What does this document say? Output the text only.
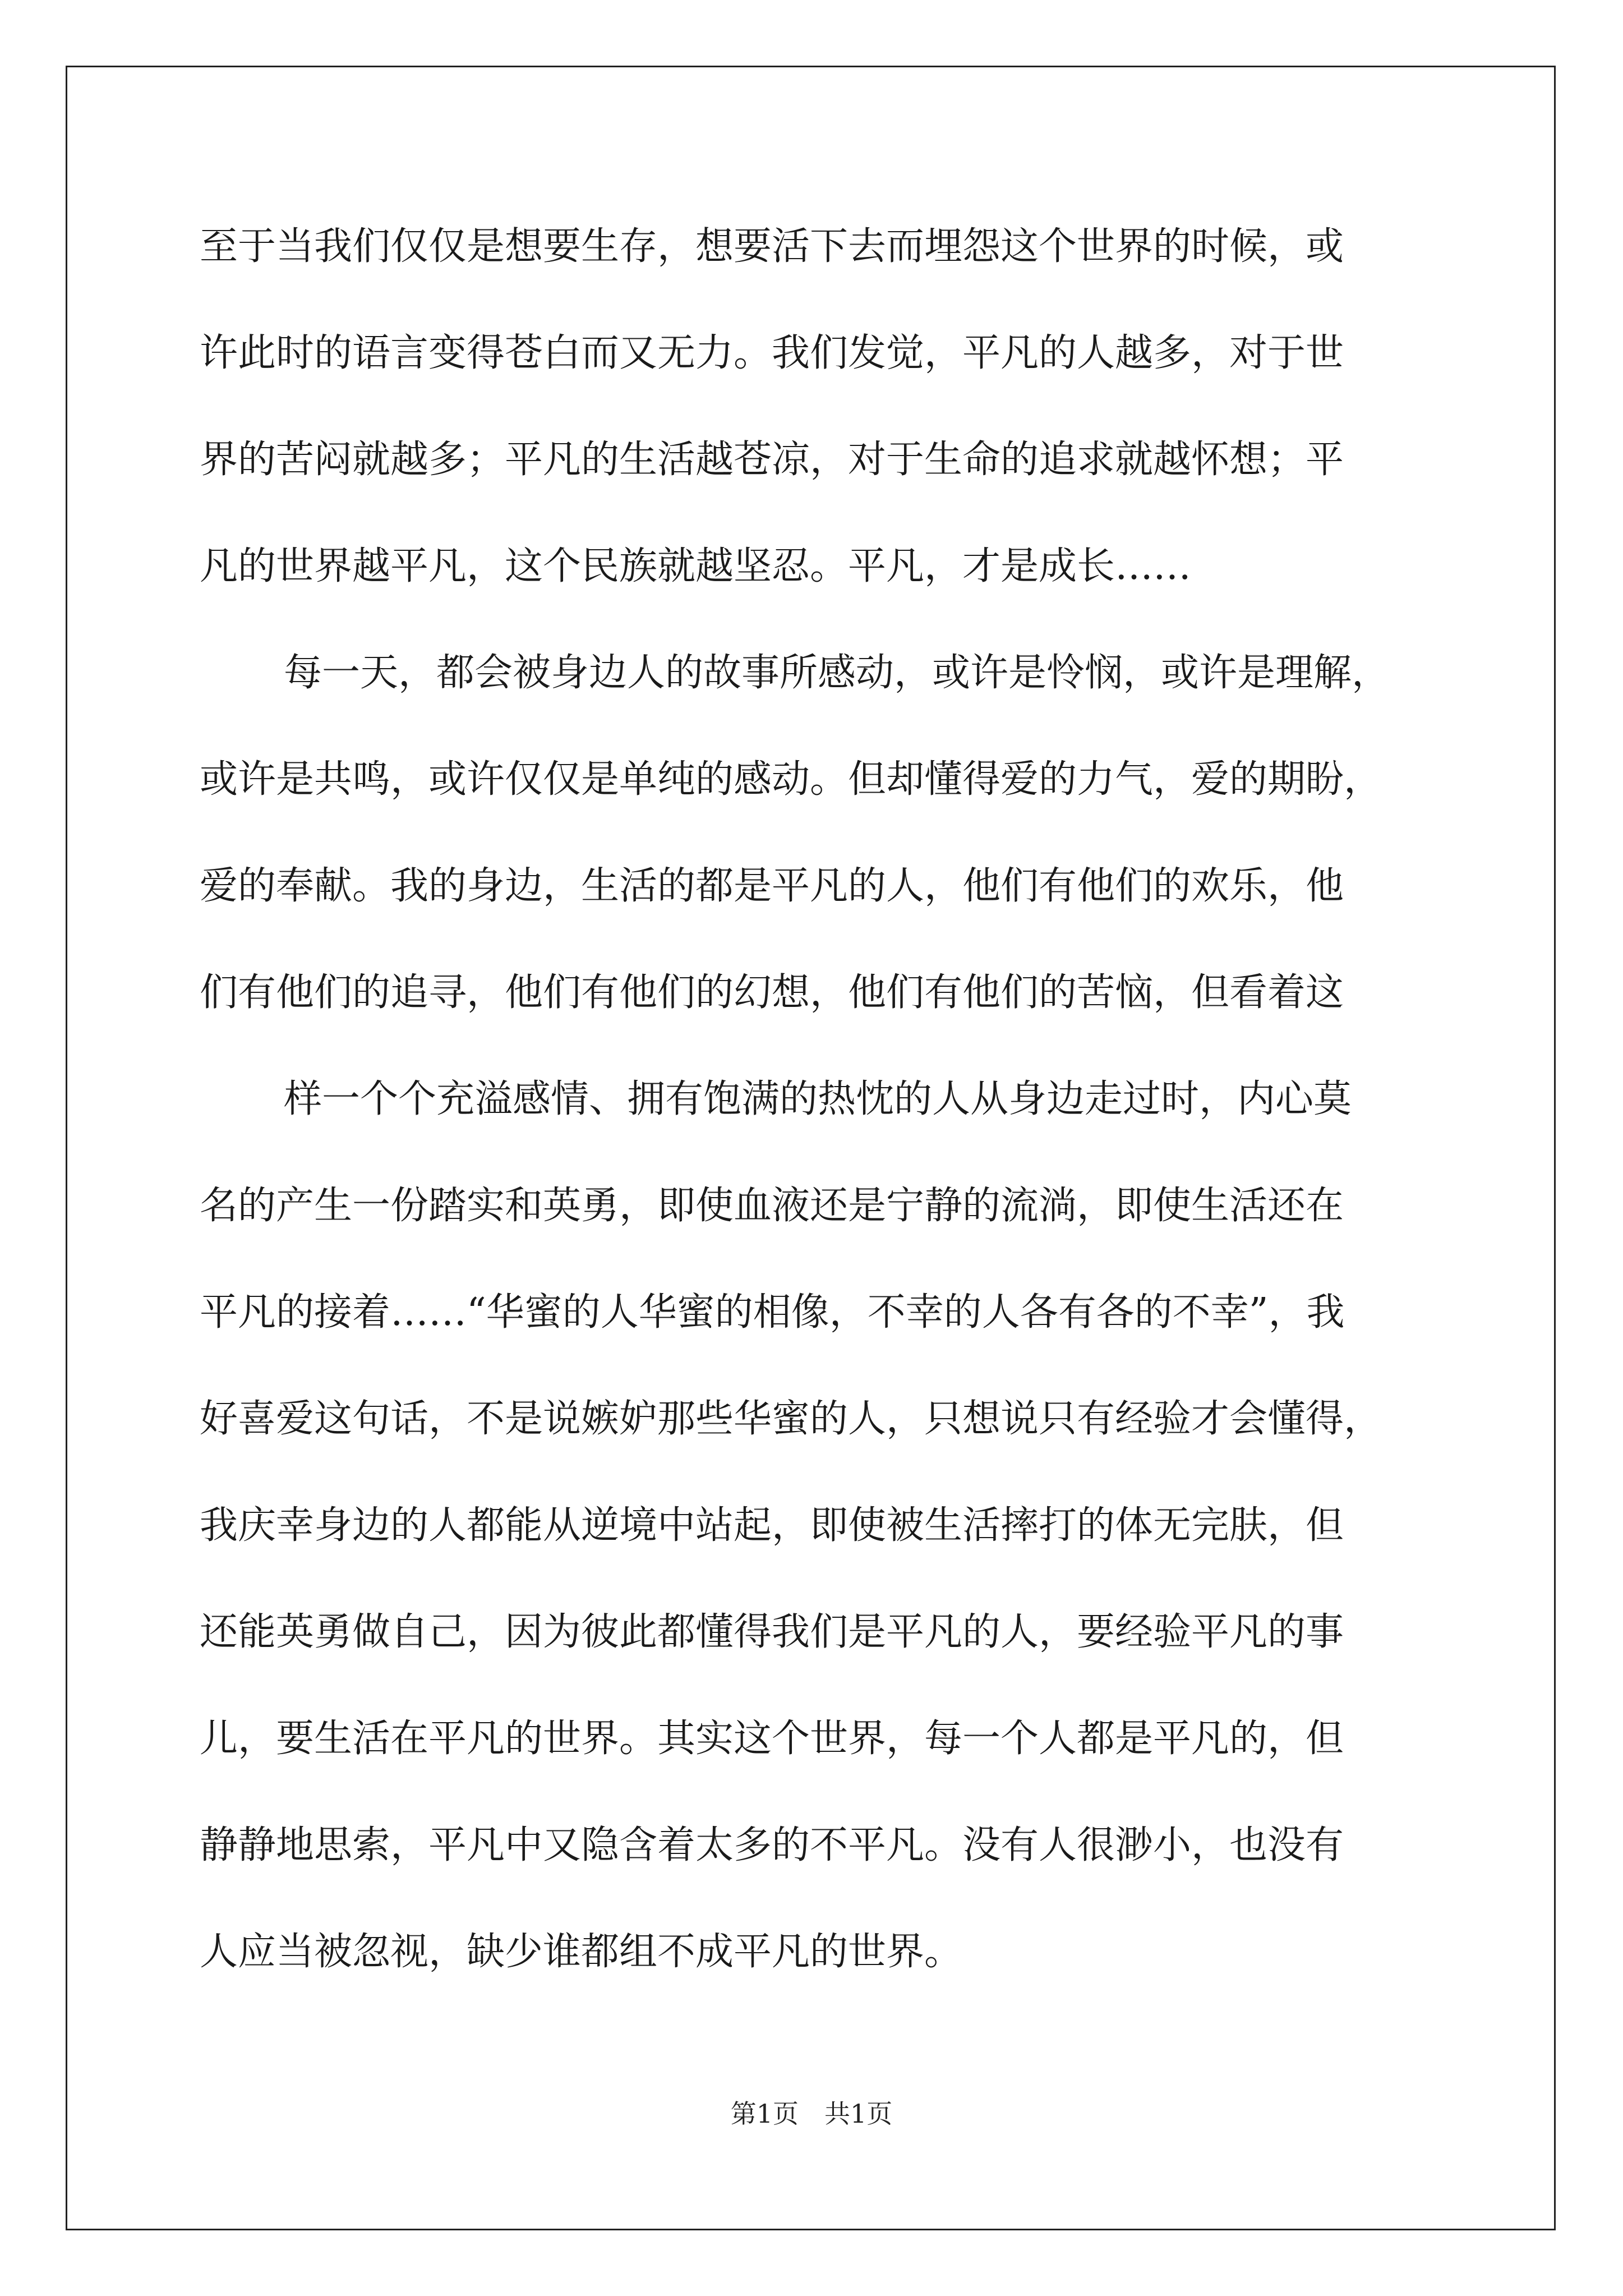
至于当我们仅仅是想要生存，想要活下去而埋怨这个世界的时候，或
许此时的语言变得苍白而又无力。我们发觉，平凡的人越多，对于世
界的苦闷就越多；平凡的生活越苍凉，对于生命的追求就越怀想；平
凡的世界越平凡，这个民族就越坚忍。平凡，才是成长……
每一天，都会被身边人的故事所感动，或许是怜悯，或许是理解，
或许是共鸣，或许仅仅是单纯的感动。但却懂得爱的力气，爱的期盼，
爱的奉献。我的身边，生活的都是平凡的人，他们有他们的欢乐，他
们有他们的追寻，他们有他们的幻想，他们有他们的苦恼，但看着这
样一个个充溢感情、拥有饱满的热忱的人从身边走过时，内心莫
名的产生一份踏实和英勇，即使血液还是宁静的流淌，即使生活还在
平凡的接着……“华蜜的人华蜜的相像，不幸的人各有各的不幸”，我
好喜爱这句话，不是说嫉妒那些华蜜的人，只想说只有经验才会懂得，
我庆幸身边的人都能从逆境中站起，即使被生活摔打的体无完肤，但
还能英勇做自己，因为彼此都懂得我们是平凡的人，要经验平凡的事
儿，要生活在平凡的世界。其实这个世界，每一个人都是平凡的，但
静静地思索，平凡中又隐含着太多的不平凡。没有人很渺小，也没有
人应当被忽视，缺少谁都组不成平凡的世界。
第1页　共1页
